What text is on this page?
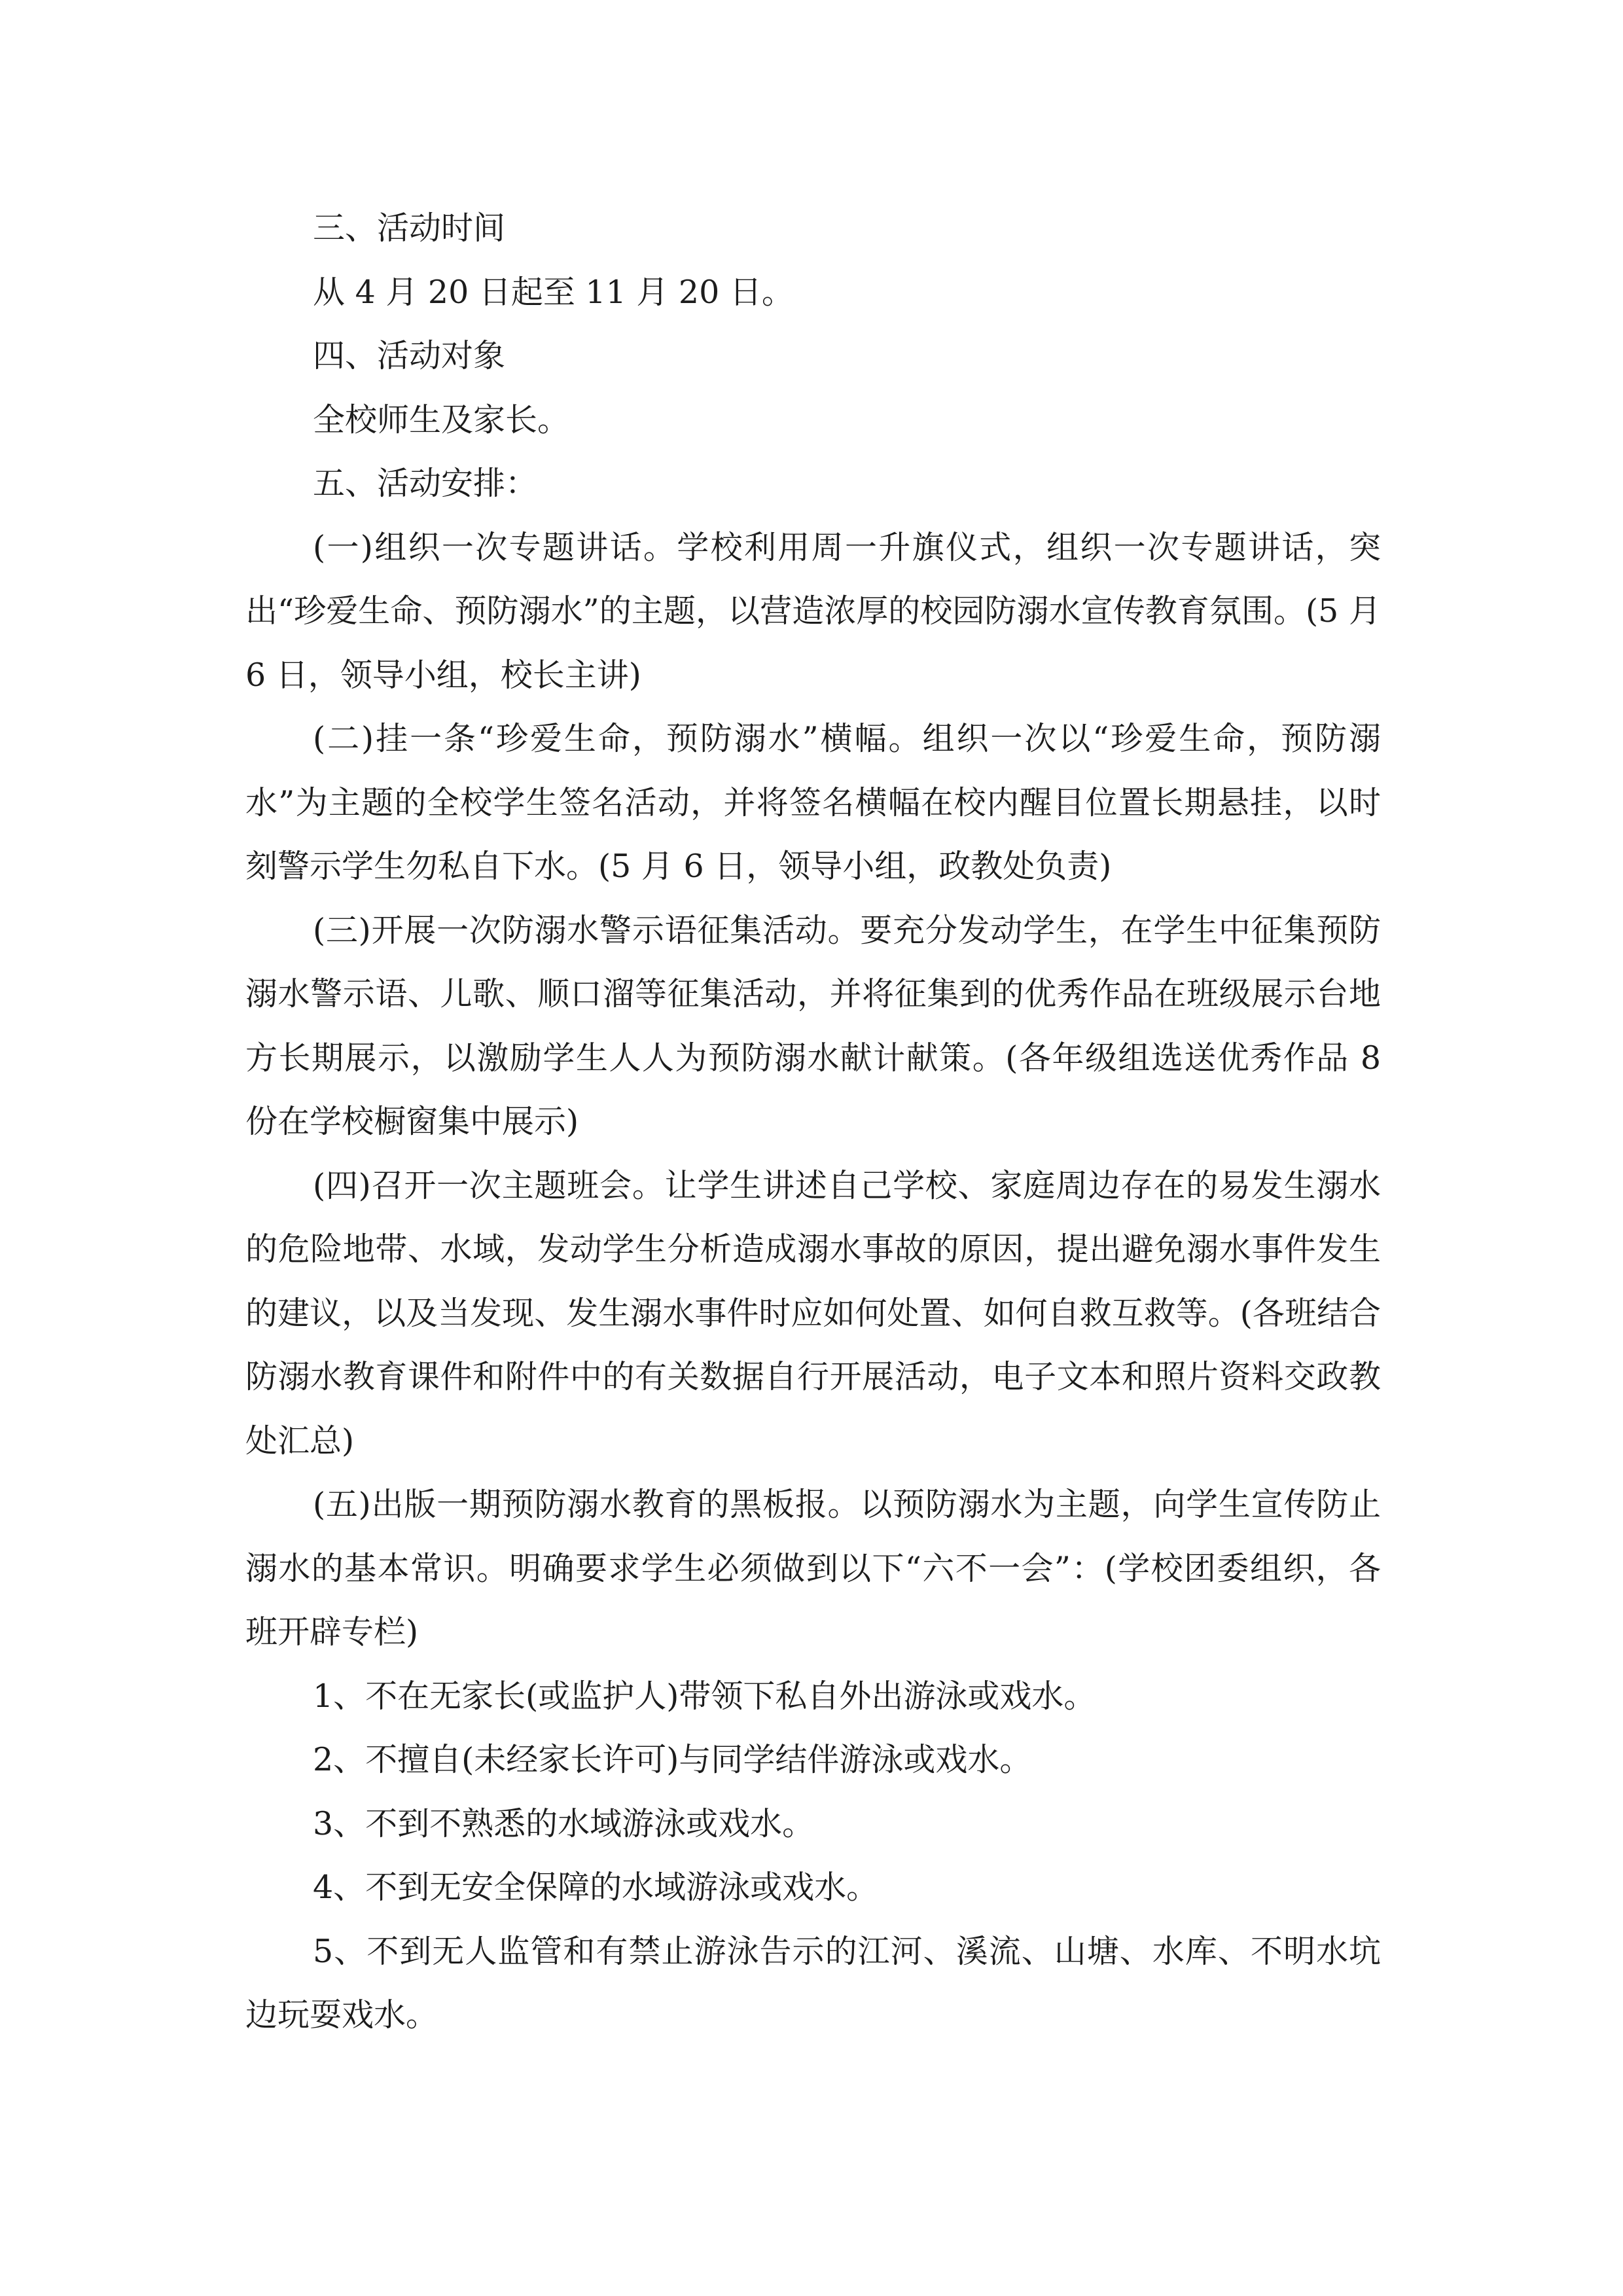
三、活动时间

从 4 月 20 日起至 11 月 20 日。

四、活动对象

全校师生及家长。

五、活动安排：

(一)组织一次专题讲话。学校利用周一升旗仪式，组织一次专题讲话，突出“珍爱生命、预防溺水”的主题，以营造浓厚的校园防溺水宣传教育氛围。(5 月 6 日，领导小组，校长主讲)

(二)挂一条“珍爱生命，预防溺水”横幅。组织一次以“珍爱生命，预防溺水”为主题的全校学生签名活动，并将签名横幅在校内醒目位置长期悬挂，以时刻警示学生勿私自下水。(5 月 6 日，领导小组，政教处负责)

(三)开展一次防溺水警示语征集活动。要充分发动学生，在学生中征集预防溺水警示语、儿歌、顺口溜等征集活动，并将征集到的优秀作品在班级展示台地方长期展示，以激励学生人人为预防溺水献计献策。(各年级组选送优秀作品 8 份在学校橱窗集中展示)

(四)召开一次主题班会。让学生讲述自己学校、家庭周边存在的易发生溺水的危险地带、水域，发动学生分析造成溺水事故的原因，提出避免溺水事件发生的建议，以及当发现、发生溺水事件时应如何处置、如何自救互救等。(各班结合防溺水教育课件和附件中的有关数据自行开展活动，电子文本和照片资料交政教处汇总)

(五)出版一期预防溺水教育的黑板报。以预防溺水为主题，向学生宣传防止溺水的基本常识。明确要求学生必须做到以下“六不一会”：(学校团委组织，各班开辟专栏)

1、不在无家长(或监护人)带领下私自外出游泳或戏水。

2、不擅自(未经家长许可)与同学结伴游泳或戏水。

3、不到不熟悉的水域游泳或戏水。

4、不到无安全保障的水域游泳或戏水。

5、不到无人监管和有禁止游泳告示的江河、溪流、山塘、水库、不明水坑边玩耍戏水。
